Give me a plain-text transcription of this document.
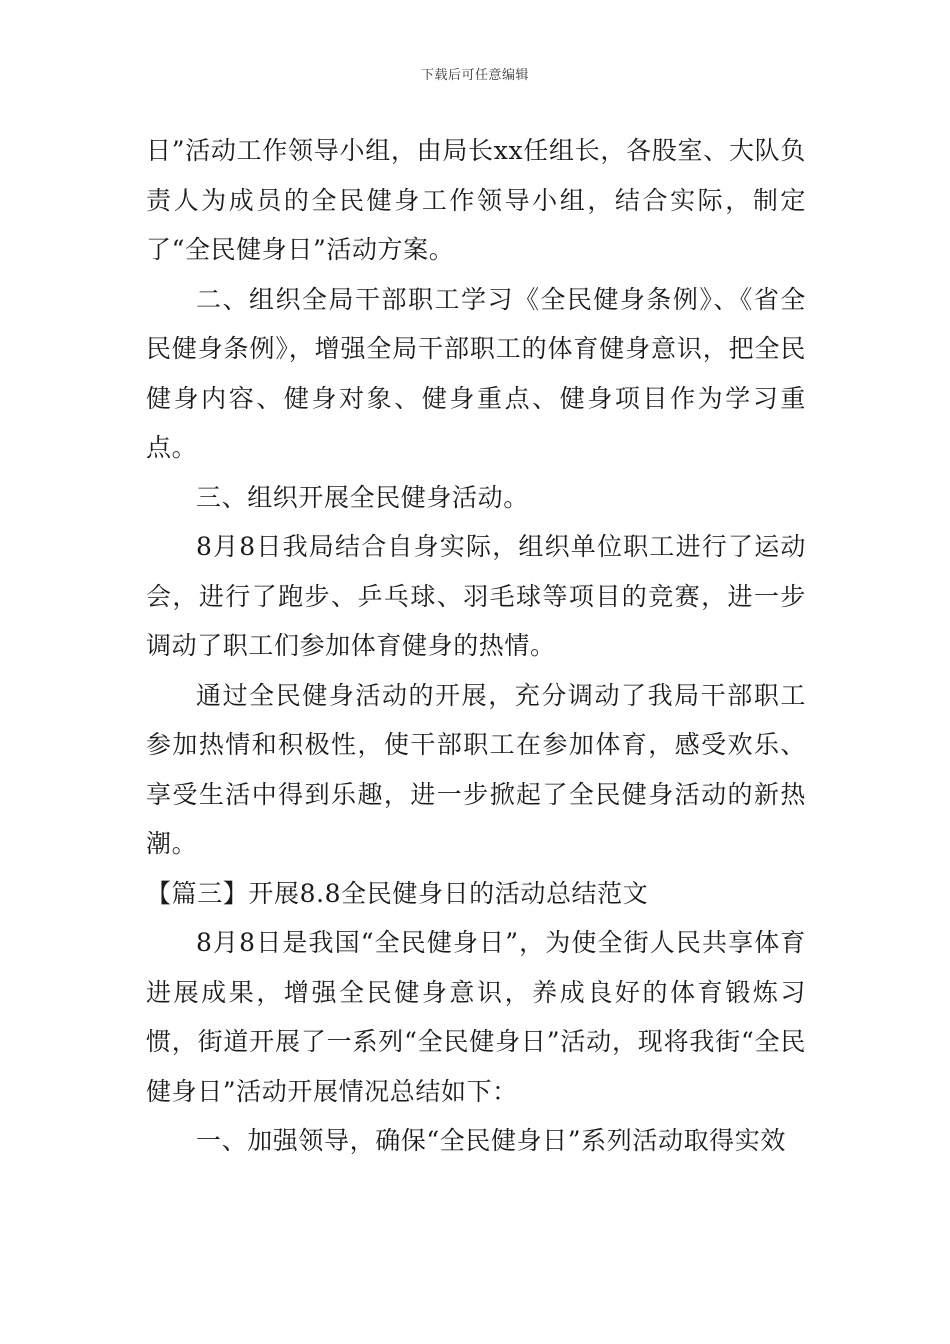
下载后可任意编辑

日”活动工作领导小组，由局长xx任组长，各股室、大队负责人为成员的全民健身工作领导小组，结合实际，制定了“全民健身日”活动方案。

二、组织全局干部职工学习《全民健身条例》、《省全民健身条例》，增强全局干部职工的体育健身意识，把全民健身内容、健身对象、健身重点、健身项目作为学习重点。

三、组织开展全民健身活动。

8月8日我局结合自身实际，组织单位职工进行了运动会，进行了跑步、乒乓球、羽毛球等项目的竞赛，进一步调动了职工们参加体育健身的热情。

通过全民健身活动的开展，充分调动了我局干部职工参加热情和积极性，使干部职工在参加体育，感受欢乐、享受生活中得到乐趣，进一步掀起了全民健身活动的新热潮。

【篇三】开展8.8全民健身日的活动总结范文

8月8日是我国“全民健身日”，为使全街人民共享体育进展成果，增强全民健身意识，养成良好的体育锻炼习惯，街道开展了一系列“全民健身日”活动，现将我街“全民健身日”活动开展情况总结如下：

一、加强领导，确保“全民健身日”系列活动取得实效
